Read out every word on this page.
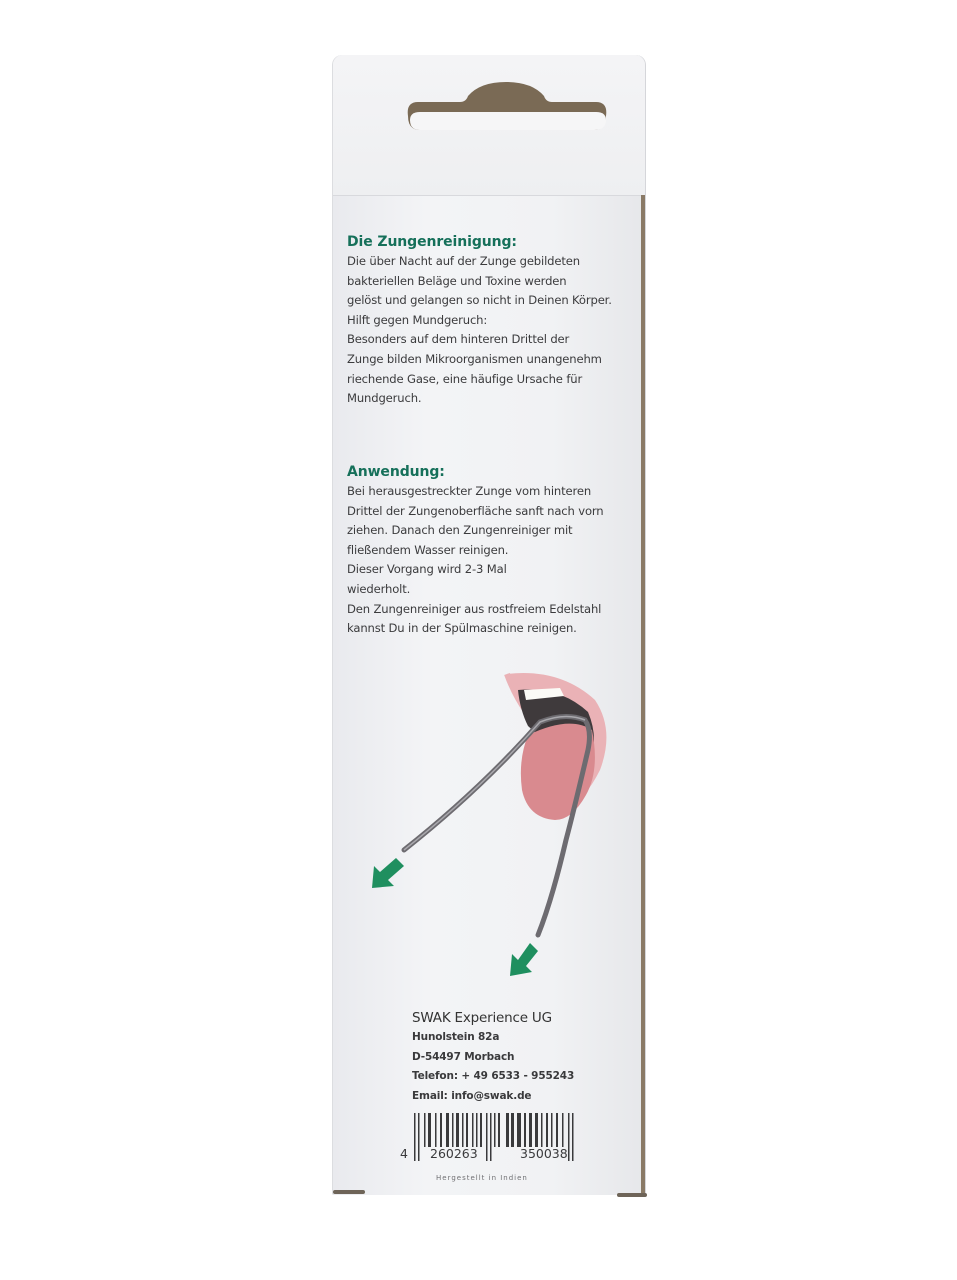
Die Zungenreinigung:
Die über Nacht auf der Zunge gebildeten
bakteriellen Beläge und Toxine werden
gelöst und gelangen so nicht in Deinen Körper.
Hilft gegen Mundgeruch:
Besonders auf dem hinteren Drittel der
Zunge bilden Mikroorganismen unangenehm
riechende Gase, eine häufige Ursache für
Mundgeruch.
Anwendung:
Bei herausgestreckter Zunge vom hinteren
Drittel der Zungenoberfläche sanft nach vorn
ziehen. Danach den Zungenreiniger mit
fließendem Wasser reinigen.
Dieser Vorgang wird 2-3 Mal
wiederholt.
Den Zungenreiniger aus rostfreiem Edelstahl
kannst Du in der Spülmaschine reinigen.
SWAK Experience UG
Hunolstein 82a
D-54497 Morbach
Telefon: + 49 6533 - 955243
Email: info@swak.de
4 260263	350038
Hergestellt in Indien
